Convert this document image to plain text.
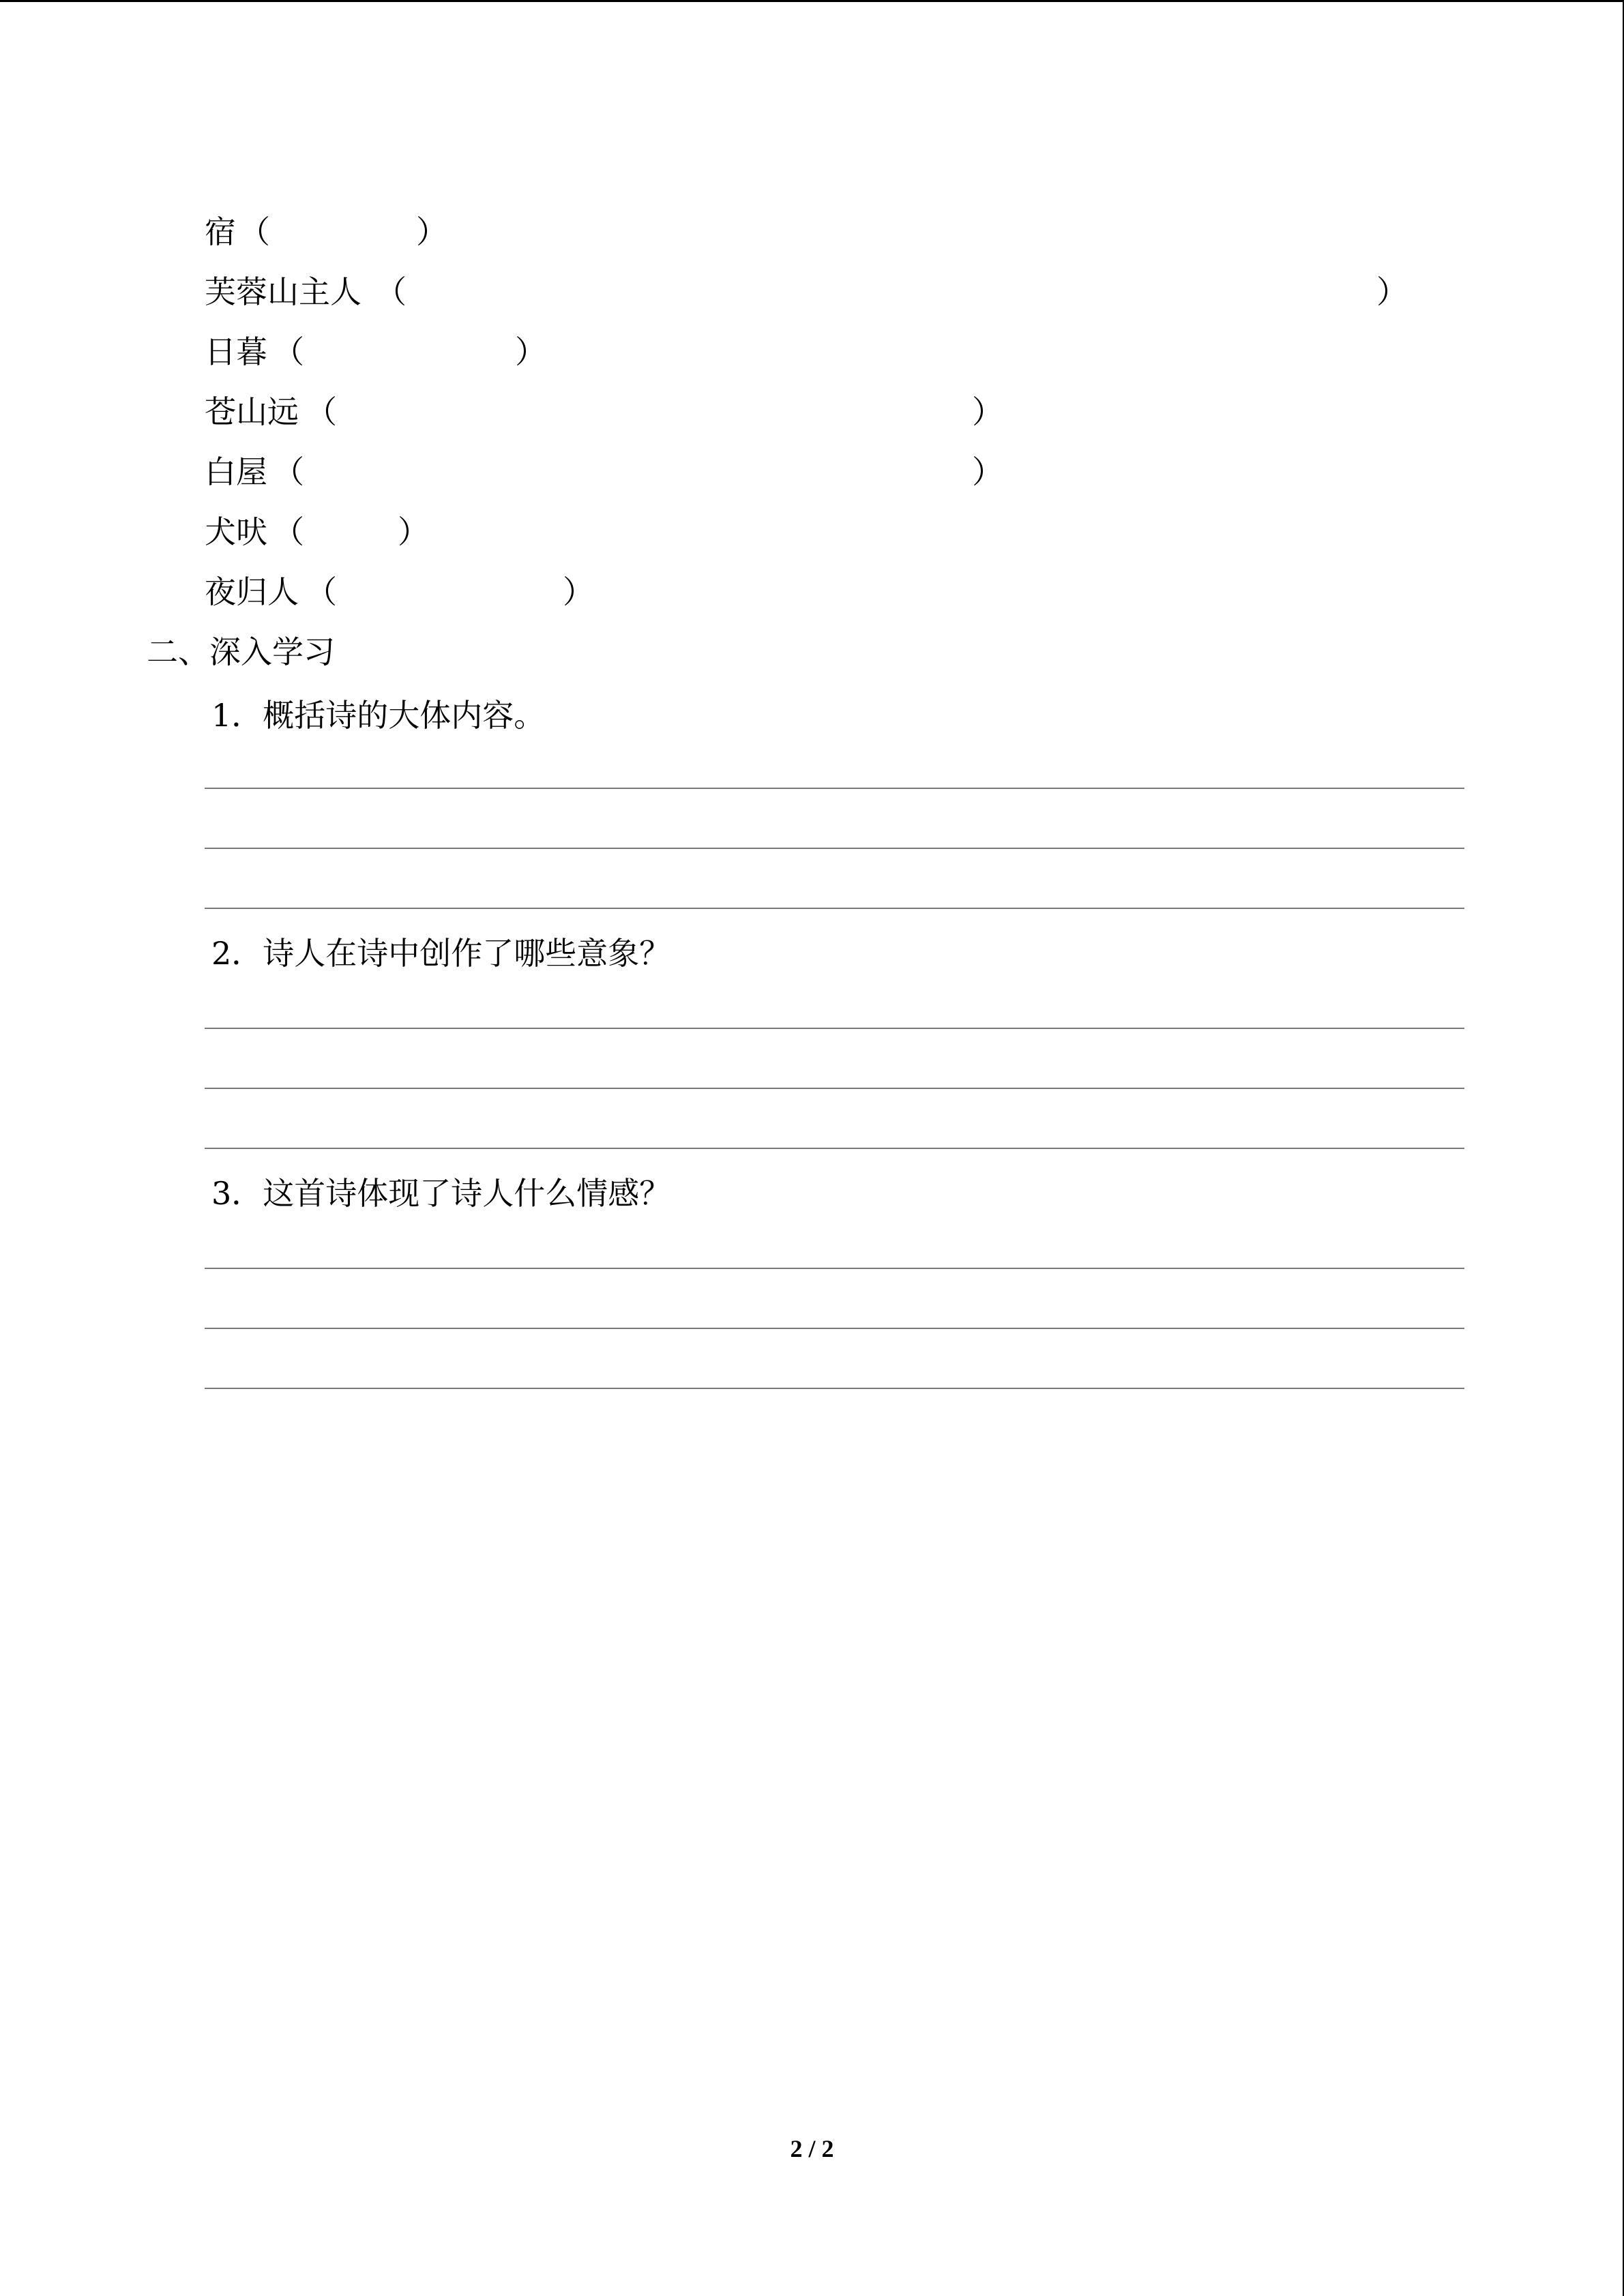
宿 （	）
芙蓉山主人 （	）
日暮 （	）
苍山远 （	）
白屋 （	）
犬吠 （	）
夜归人 （	）
二、深入学习
1．概括诗的大体内容。
2．诗人在诗中创作了哪些意象？
3．这首诗体现了诗人什么情感？
2 / 2
